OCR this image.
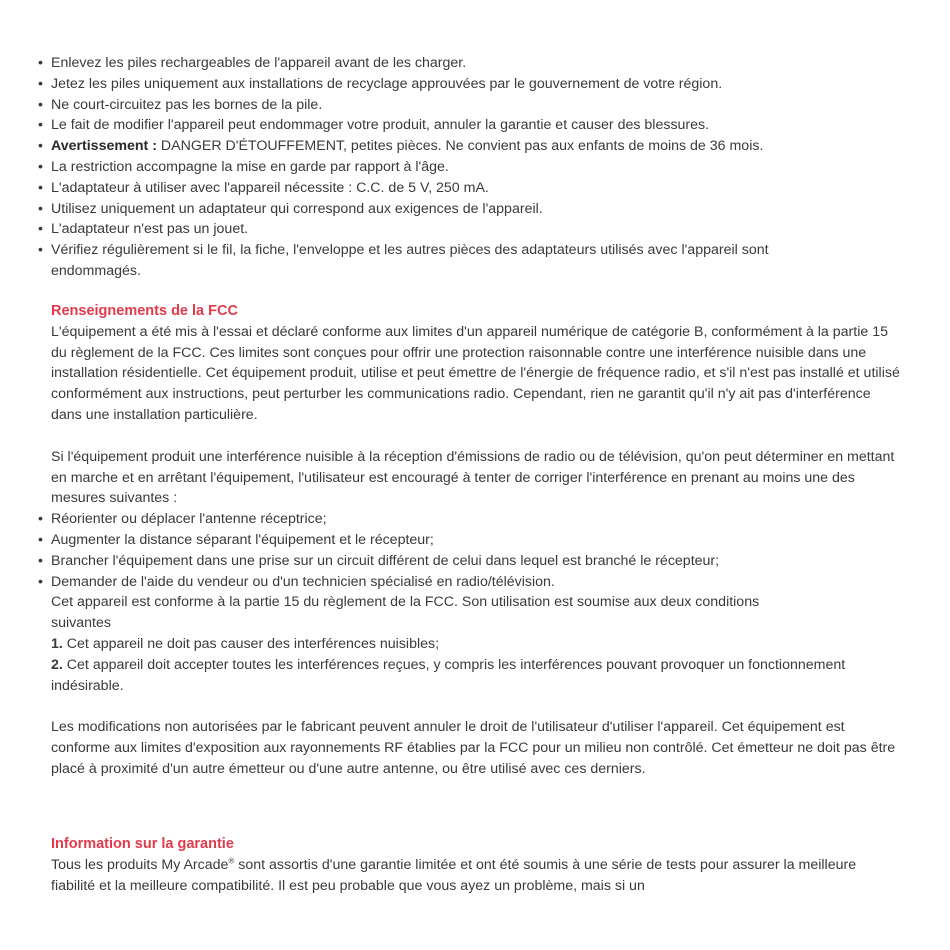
• Enlevez les piles rechargeables de l'appareil avant de les charger.
• Jetez les piles uniquement aux installations de recyclage approuvées par le gouvernement de votre région.
• Ne court-circuitez pas les bornes de la pile.
• Le fait de modifier l'appareil peut endommager votre produit, annuler la garantie et causer des blessures.
• Avertissement : DANGER D'ÉTOUFFEMENT, petites pièces. Ne convient pas aux enfants de moins de 36 mois.
• La restriction accompagne la mise en garde par rapport à l'âge.
• L'adaptateur à utiliser avec l'appareil nécessite : C.C. de 5 V, 250 mA.
• Utilisez uniquement un adaptateur qui correspond aux exigences de l'appareil.
• L'adaptateur n'est pas un jouet.
• Vérifiez régulièrement si le fil, la fiche, l'enveloppe et les autres pièces des adaptateurs utilisés avec l'appareil sont endommagés.
Renseignements de la FCC
L'équipement a été mis à l'essai et déclaré conforme aux limites d'un appareil numérique de catégorie B, conformément à la partie 15 du règlement de la FCC. Ces limites sont conçues pour offrir une protection raisonnable contre une interférence nuisible dans une installation résidentielle. Cet équipement produit, utilise et peut émettre de l'énergie de fréquence radio, et s'il n'est pas installé et utilisé conformément aux instructions, peut perturber les communications radio. Cependant, rien ne garantit qu'il n'y ait pas d'interférence dans une installation particulière.
Si l'équipement produit une interférence nuisible à la réception d'émissions de radio ou de télévision, qu'on peut déterminer en mettant en marche et en arrêtant l'équipement, l'utilisateur est encouragé à tenter de corriger l'interférence en prenant au moins une des mesures suivantes :
• Réorienter ou déplacer l'antenne réceptrice;
• Augmenter la distance séparant l'équipement et le récepteur;
• Brancher l'équipement dans une prise sur un circuit différent de celui dans lequel est branché le récepteur;
• Demander de l'aide du vendeur ou d'un technicien spécialisé en radio/télévision.
Cet appareil est conforme à la partie 15 du règlement de la FCC. Son utilisation est soumise aux deux conditions suivantes
1. Cet appareil ne doit pas causer des interférences nuisibles;
2. Cet appareil doit accepter toutes les interférences reçues, y compris les interférences pouvant provoquer un fonctionnement indésirable.
Les modifications non autorisées par le fabricant peuvent annuler le droit de l'utilisateur d'utiliser l'appareil. Cet équipement est conforme aux limites d'exposition aux rayonnements RF établies par la FCC pour un milieu non contrôlé. Cet émetteur ne doit pas être placé à proximité d'un autre émetteur ou d'une autre antenne, ou être utilisé avec ces derniers.
Information sur la garantie
Tous les produits My Arcade® sont assortis d'une garantie limitée et ont été soumis à une série de tests pour assurer la meilleure fiabilité et la meilleure compatibilité. Il est peu probable que vous ayez un problème, mais si un
